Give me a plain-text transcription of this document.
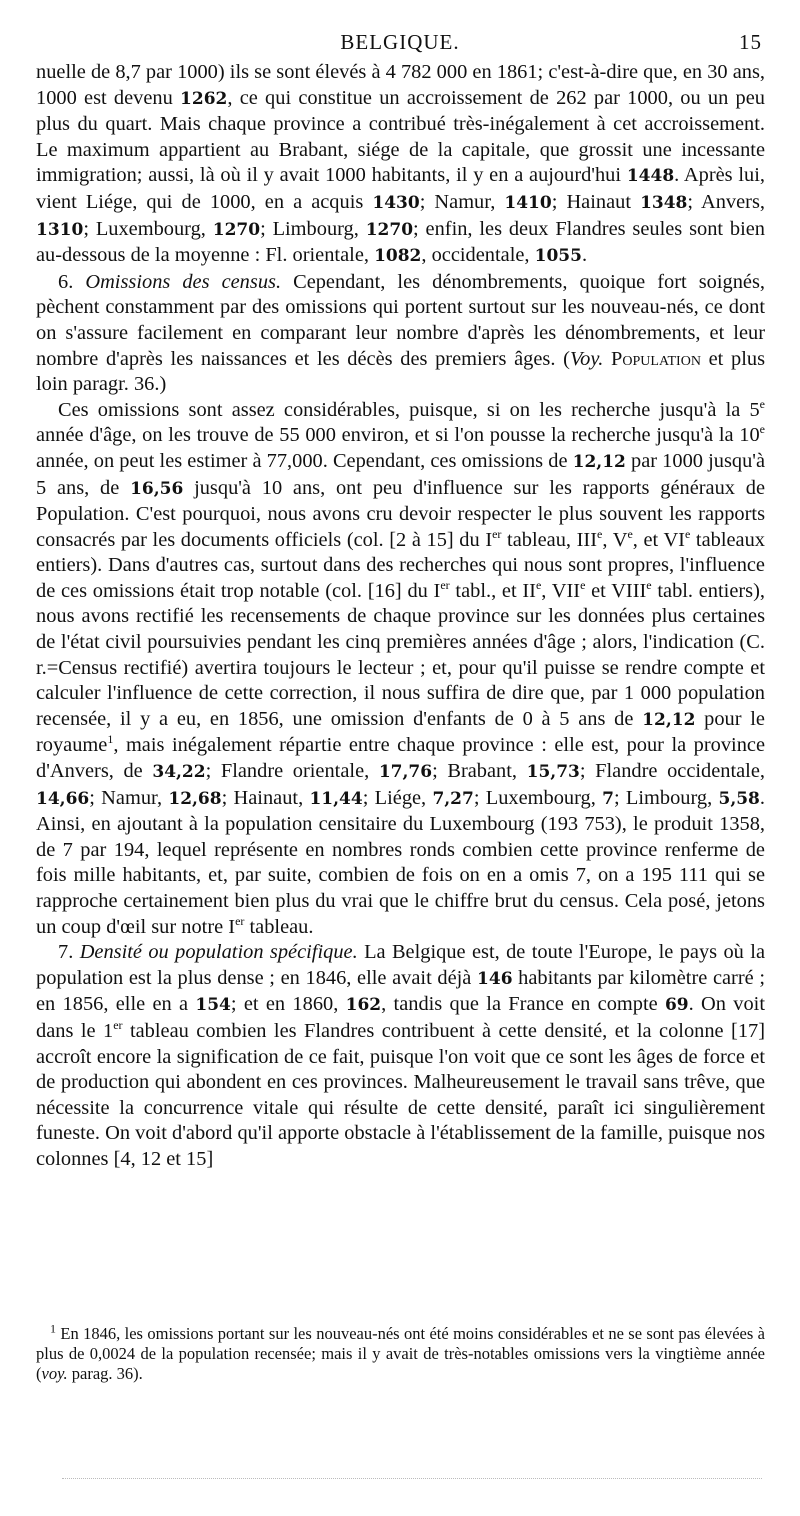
BELGIQUE.	15

nuelle de 8,7 par 1000) ils se sont élevés à 4 782 000 en 1861; c'est-à-dire que, en 30 ans, 1000 est devenu 1262, ce qui constitue un accroissement de 262 par 1000, ou un peu plus du quart. Mais chaque province a contribué très-inégalement à cet accroissement. Le maximum appartient au Brabant, siége de la capitale, que grossit une incessante immigration; aussi, là où il y avait 1000 habitants, il y en a aujourd'hui 1448. Après lui, vient Liége, qui de 1000, en a acquis 1430; Namur, 1410; Hainaut 1348; Anvers, 1310; Luxembourg, 1270; Limbourg, 1270; enfin, les deux Flandres seules sont bien au-dessous de la moyenne : Fl. orientale, 1082, occidentale, 1055.

6. Omissions des census. Cependant, les dénombrements, quoique fort soignés, pèchent constamment par des omissions qui portent surtout sur les nouveau-nés, ce dont on s'assure facilement en comparant leur nombre d'après les dénombrements, et leur nombre d'après les naissances et les décès des premiers âges. (Voy. Population et plus loin paragr. 36.)

Ces omissions sont assez considérables, puisque, si on les recherche jusqu'à la 5e année d'âge, on les trouve de 55 000 environ, et si l'on pousse la recherche jusqu'à la 10e année, on peut les estimer à 77,000. Cependant, ces omissions de 12,12 par 1000 jusqu'à 5 ans, de 16,56 jusqu'à 10 ans, ont peu d'influence sur les rapports généraux de Population. C'est pourquoi, nous avons cru devoir respecter le plus souvent les rapports consacrés par les documents officiels (col. [2 à 15] du Ier tableau, IIIe, Ve, et VIe tableaux entiers). Dans d'autres cas, surtout dans des recherches qui nous sont propres, l'influence de ces omissions était trop notable (col. [16] du Ier tabl., et IIe, VIIe et VIIIe tabl. entiers), nous avons rectifié les recensements de chaque province sur les données plus certaines de l'état civil poursuivies pendant les cinq premières années d'âge ; alors, l'indication (C. r.=Census rectifié) avertira toujours le lecteur ; et, pour qu'il puisse se rendre compte et calculer l'influence de cette correction, il nous suffira de dire que, par 1 000 population recensée, il y a eu, en 1856, une omission d'enfants de 0 à 5 ans de 12,12 pour le royaume$^1$, mais inégalement répartie entre chaque province : elle est, pour la province d'Anvers, de 34,22; Flandre orientale, 17,76; Brabant, 15,73; Flandre occidentale, 14,66; Namur, 12,68; Hainaut, 11,44; Liége, 7,27; Luxembourg, 7; Limbourg, 5,58. Ainsi, en ajoutant à la population censitaire du Luxembourg (193 753), le produit 1358, de 7 par 194, lequel représente en nombres ronds combien cette province renferme de fois mille habitants, et, par suite, combien de fois on en a omis 7, on a 195 111 qui se rapproche certainement bien plus du vrai que le chiffre brut du census. Cela posé, jetons un coup d'œil sur notre Ier tableau.

7. Densité ou population spécifique. La Belgique est, de toute l'Europe, le pays où la population est la plus dense ; en 1846, elle avait déjà 146 habitants par kilomètre carré ; en 1856, elle en a 154; et en 1860, 162, tandis que la France en compte 69. On voit dans le 1er tableau combien les Flandres contribuent à cette densité, et la colonne [17] accroît encore la signification de ce fait, puisque l'on voit que ce sont les âges de force et de production qui abondent en ces provinces. Malheureusement le travail sans trêve, que nécessite la concurrence vitale qui résulte de cette densité, paraît ici singulièrement funeste. On voit d'abord qu'il apporte obstacle à l'établissement de la famille, puisque nos colonnes [4, 12 et 15]

$^1$ En 1846, les omissions portant sur les nouveau-nés ont été moins considérables et ne se sont pas élevées à plus de 0,0024 de la population recensée; mais il y avait de très-notables omissions vers la vingtième année (voy. parag. 36).
